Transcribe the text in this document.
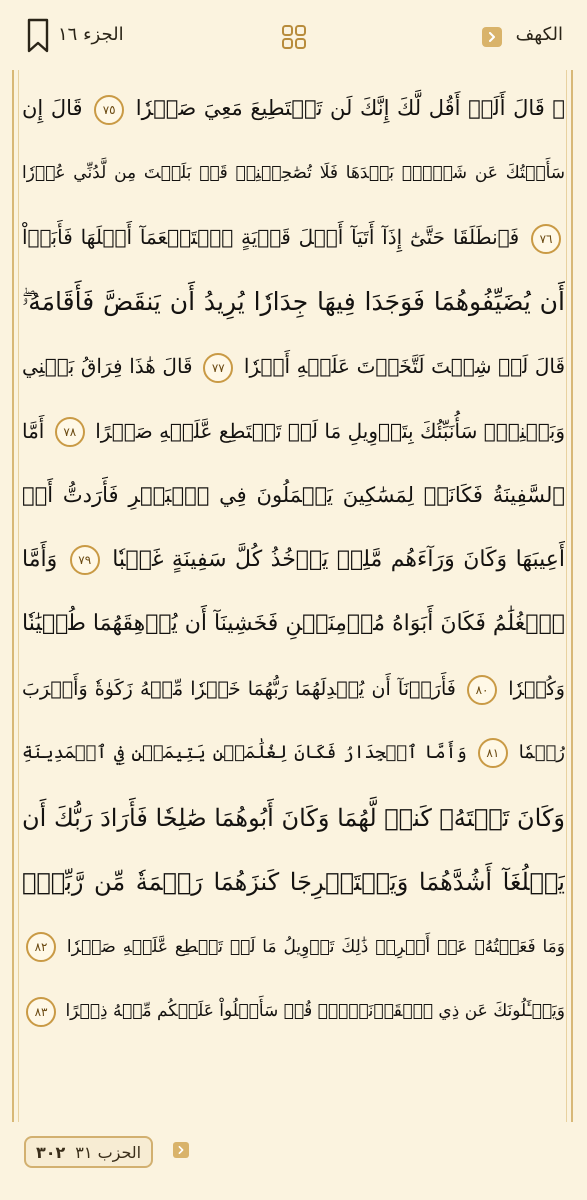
الجزء ١٦	الكهف
۞ قَالَ أَلَمۡ أَقُل لَّكَ إِنَّكَ لَن تَسۡتَطِيعَ مَعِيَ صَبۡرٗا ٧٥ قَالَ إِن
سَأَلۡتُكَ عَن شَيۡءِۭ بَعۡدَهَا فَلَا تُصَٰحِبۡنِيۖ قَدۡ بَلَغۡتَ مِن لَّدُنِّي عُذۡرٗا
٧٦ فَٱنطَلَقَا حَتَّىٰٓ إِذَآ أَتَيَآ أَهۡلَ قَرۡيَةٍ ٱسۡتَطۡعَمَآ أَهۡلَهَا فَأَبَوۡاْ
أَن يُضَيِّفُوهُمَا فَوَجَدَا فِيهَا جِدَارٗا يُرِيدُ أَن يَنقَضَّ فَأَقَامَهُۥۖ
قَالَ لَوۡ شِئۡتَ لَتَّخَذۡتَ عَلَيۡهِ أَجۡرٗا ٧٧ قَالَ هَٰذَا فِرَاقُ بَيۡنِي
وَبَيۡنِكَۚ سَأُنَبِّئُكَ بِتَأۡوِيلِ مَا لَمۡ تَسۡتَطِع عَّلَيۡهِ صَبۡرًا ٧٨ أَمَّا
ٱلسَّفِينَةُ فَكَانَتۡ لِمَسَٰكِينَ يَعۡمَلُونَ فِي ٱلۡبَحۡرِ فَأَرَدتُّ أَنۡ
أَعِيبَهَا وَكَانَ وَرَآءَهُم مَّلِكٞ يَأۡخُذُ كُلَّ سَفِينَةٍ غَصۡبٗا ٧٩ وَأَمَّا
ٱلۡغُلَٰمُ فَكَانَ أَبَوَاهُ مُؤۡمِنَيۡنِ فَخَشِينَآ أَن يُرۡهِقَهُمَا طُغۡيَٰنٗا
وَكُفۡرٗا ٨٠ فَأَرَدۡنَآ أَن يُبۡدِلَهُمَا رَبُّهُمَا خَيۡرٗا مِّنۡهُ زَكَوٰةٗ وَأَقۡرَبَ
رُحۡمٗا ٨١ وَأَمَّا ٱلۡجِدَارُ فَكَانَ لِغُلَٰمَيۡنِ يَتِيمَيۡنِ فِي ٱلۡمَدِينَةِ
وَكَانَ تَحۡتَهُۥ كَنزٞ لَّهُمَا وَكَانَ أَبُوهُمَا صَٰلِحٗا فَأَرَادَ رَبُّكَ أَن
يَبۡلُغَآ أَشُدَّهُمَا وَيَسۡتَخۡرِجَا كَنزَهُمَا رَحۡمَةٗ مِّن رَّبِّكَۚ
وَمَا فَعَلۡتُهُۥ عَنۡ أَمۡرِيۚ ذَٰلِكَ تَأۡوِيلُ مَا لَمۡ تَسۡطِع عَّلَيۡهِ صَبۡرٗا ٨٢
وَيَسۡـَٔلُونَكَ عَن ذِي ٱلۡقَرۡنَيۡنِۖ قُلۡ سَأَتۡلُواْ عَلَيۡكُم مِّنۡهُ ذِكۡرًا ٨٣
الحزب ٣١
٣٠٢
